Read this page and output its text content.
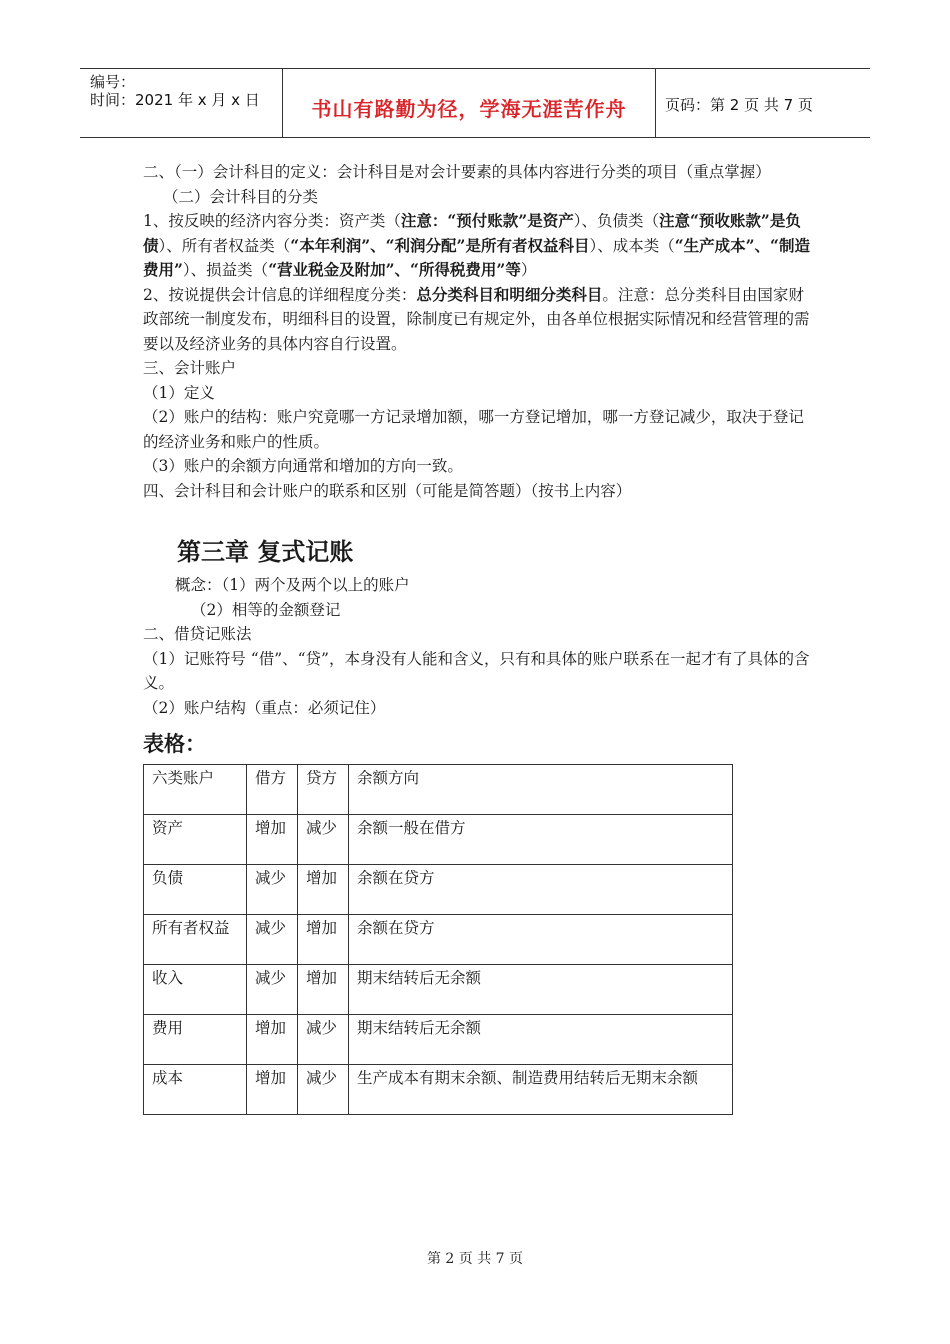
编号：
时间：2021 年 x 月 x 日	书山有路勤为径，学海无涯苦作舟	页码：第 2 页 共 7 页

二、（一）会计科目的定义：会计科目是对会计要素的具体内容进行分类的项目（重点掌握）

（二）会计科目的分类

1、按反映的经济内容分类：资产类（注意：“预付账款”是资产）、负债类（注意“预收账款”是负债）、所有者权益类（“本年利润”、“利润分配”是所有者权益科目）、成本类（“生产成本”、“制造费用”）、损益类（“营业税金及附加”、“所得税费用”等）

2、按说提供会计信息的详细程度分类：总分类科目和明细分类科目。注意：总分类科目由国家财政部统一制度发布，明细科目的设置，除制度已有规定外，由各单位根据实际情况和经营管理的需要以及经济业务的具体内容自行设置。

三、会计账户

（1）定义

（2）账户的结构：账户究竟哪一方记录增加额，哪一方登记增加，哪一方登记减少，取决于登记的经济业务和账户的性质。

（3）账户的余额方向通常和增加的方向一致。

四、会计科目和会计账户的联系和区别（可能是简答题）（按书上内容）

第三章 复式记账

概念：（1）两个及两个以上的账户

（2）相等的金额登记

二、借贷记账法

（1）记账符号 “借”、“贷”，本身没有人能和含义，只有和具体的账户联系在一起才有了具体的含义。

（2）账户结构（重点：必须记住）

表格：
六类账户	借方	贷方	余额方向
资产	增加	减少	余额一般在借方
负债	减少	增加	余额在贷方
所有者权益	减少	增加	余额在贷方
收入	减少	增加	期末结转后无余额
费用	增加	减少	期末结转后无余额
成本	增加	减少	生产成本有期末余额、制造费用结转后无期末余额
第 2 页 共 7 页
